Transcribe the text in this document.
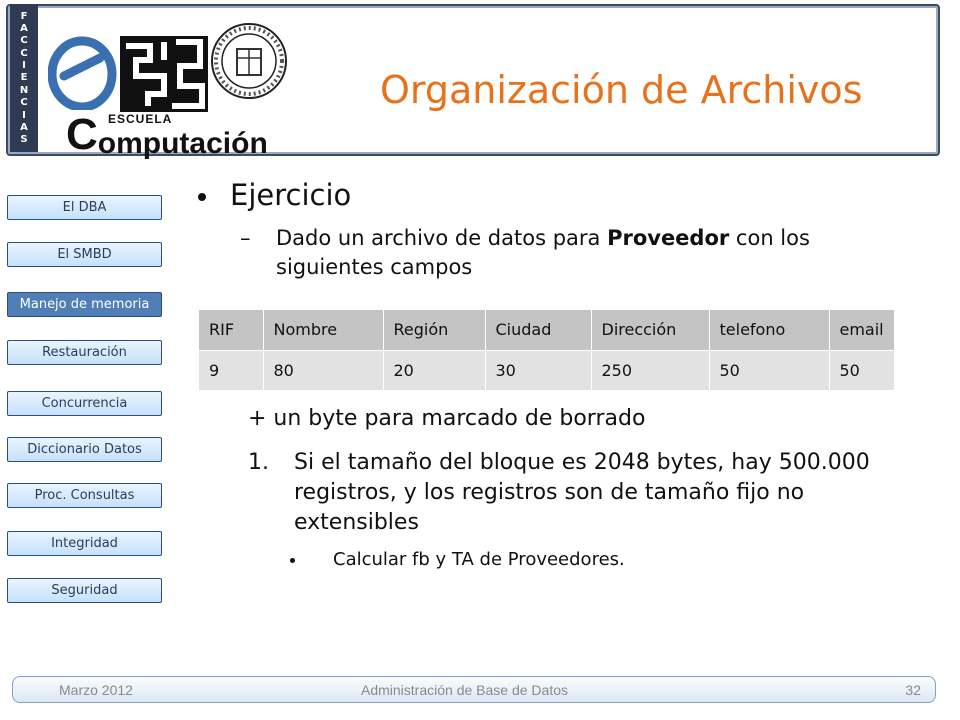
F
A
C
C
I
E
N
C
I
A
S
U
C
V
ESCUELA
Computación
Organización de Archivos
El DBA
El SMBD
Manejo de memoria
Restauración
Concurrencia
Diccionario Datos
Proc. Consultas
Integridad
Seguridad
Ejercicio
– Dado un archivo de datos para Proveedor con los siguientes campos
RIF	Nombre	Región	Ciudad	Dirección	telefono	email
9	80	20	30	250	50	50
+ un byte para marcado de borrado
1. Si el tamaño del bloque es 2048 bytes, hay 500.000 registros, y los registros son de tamaño fijo no extensibles
Calcular fb y TA de Proveedores.
Marzo 2012	Administración de Base de Datos	32
